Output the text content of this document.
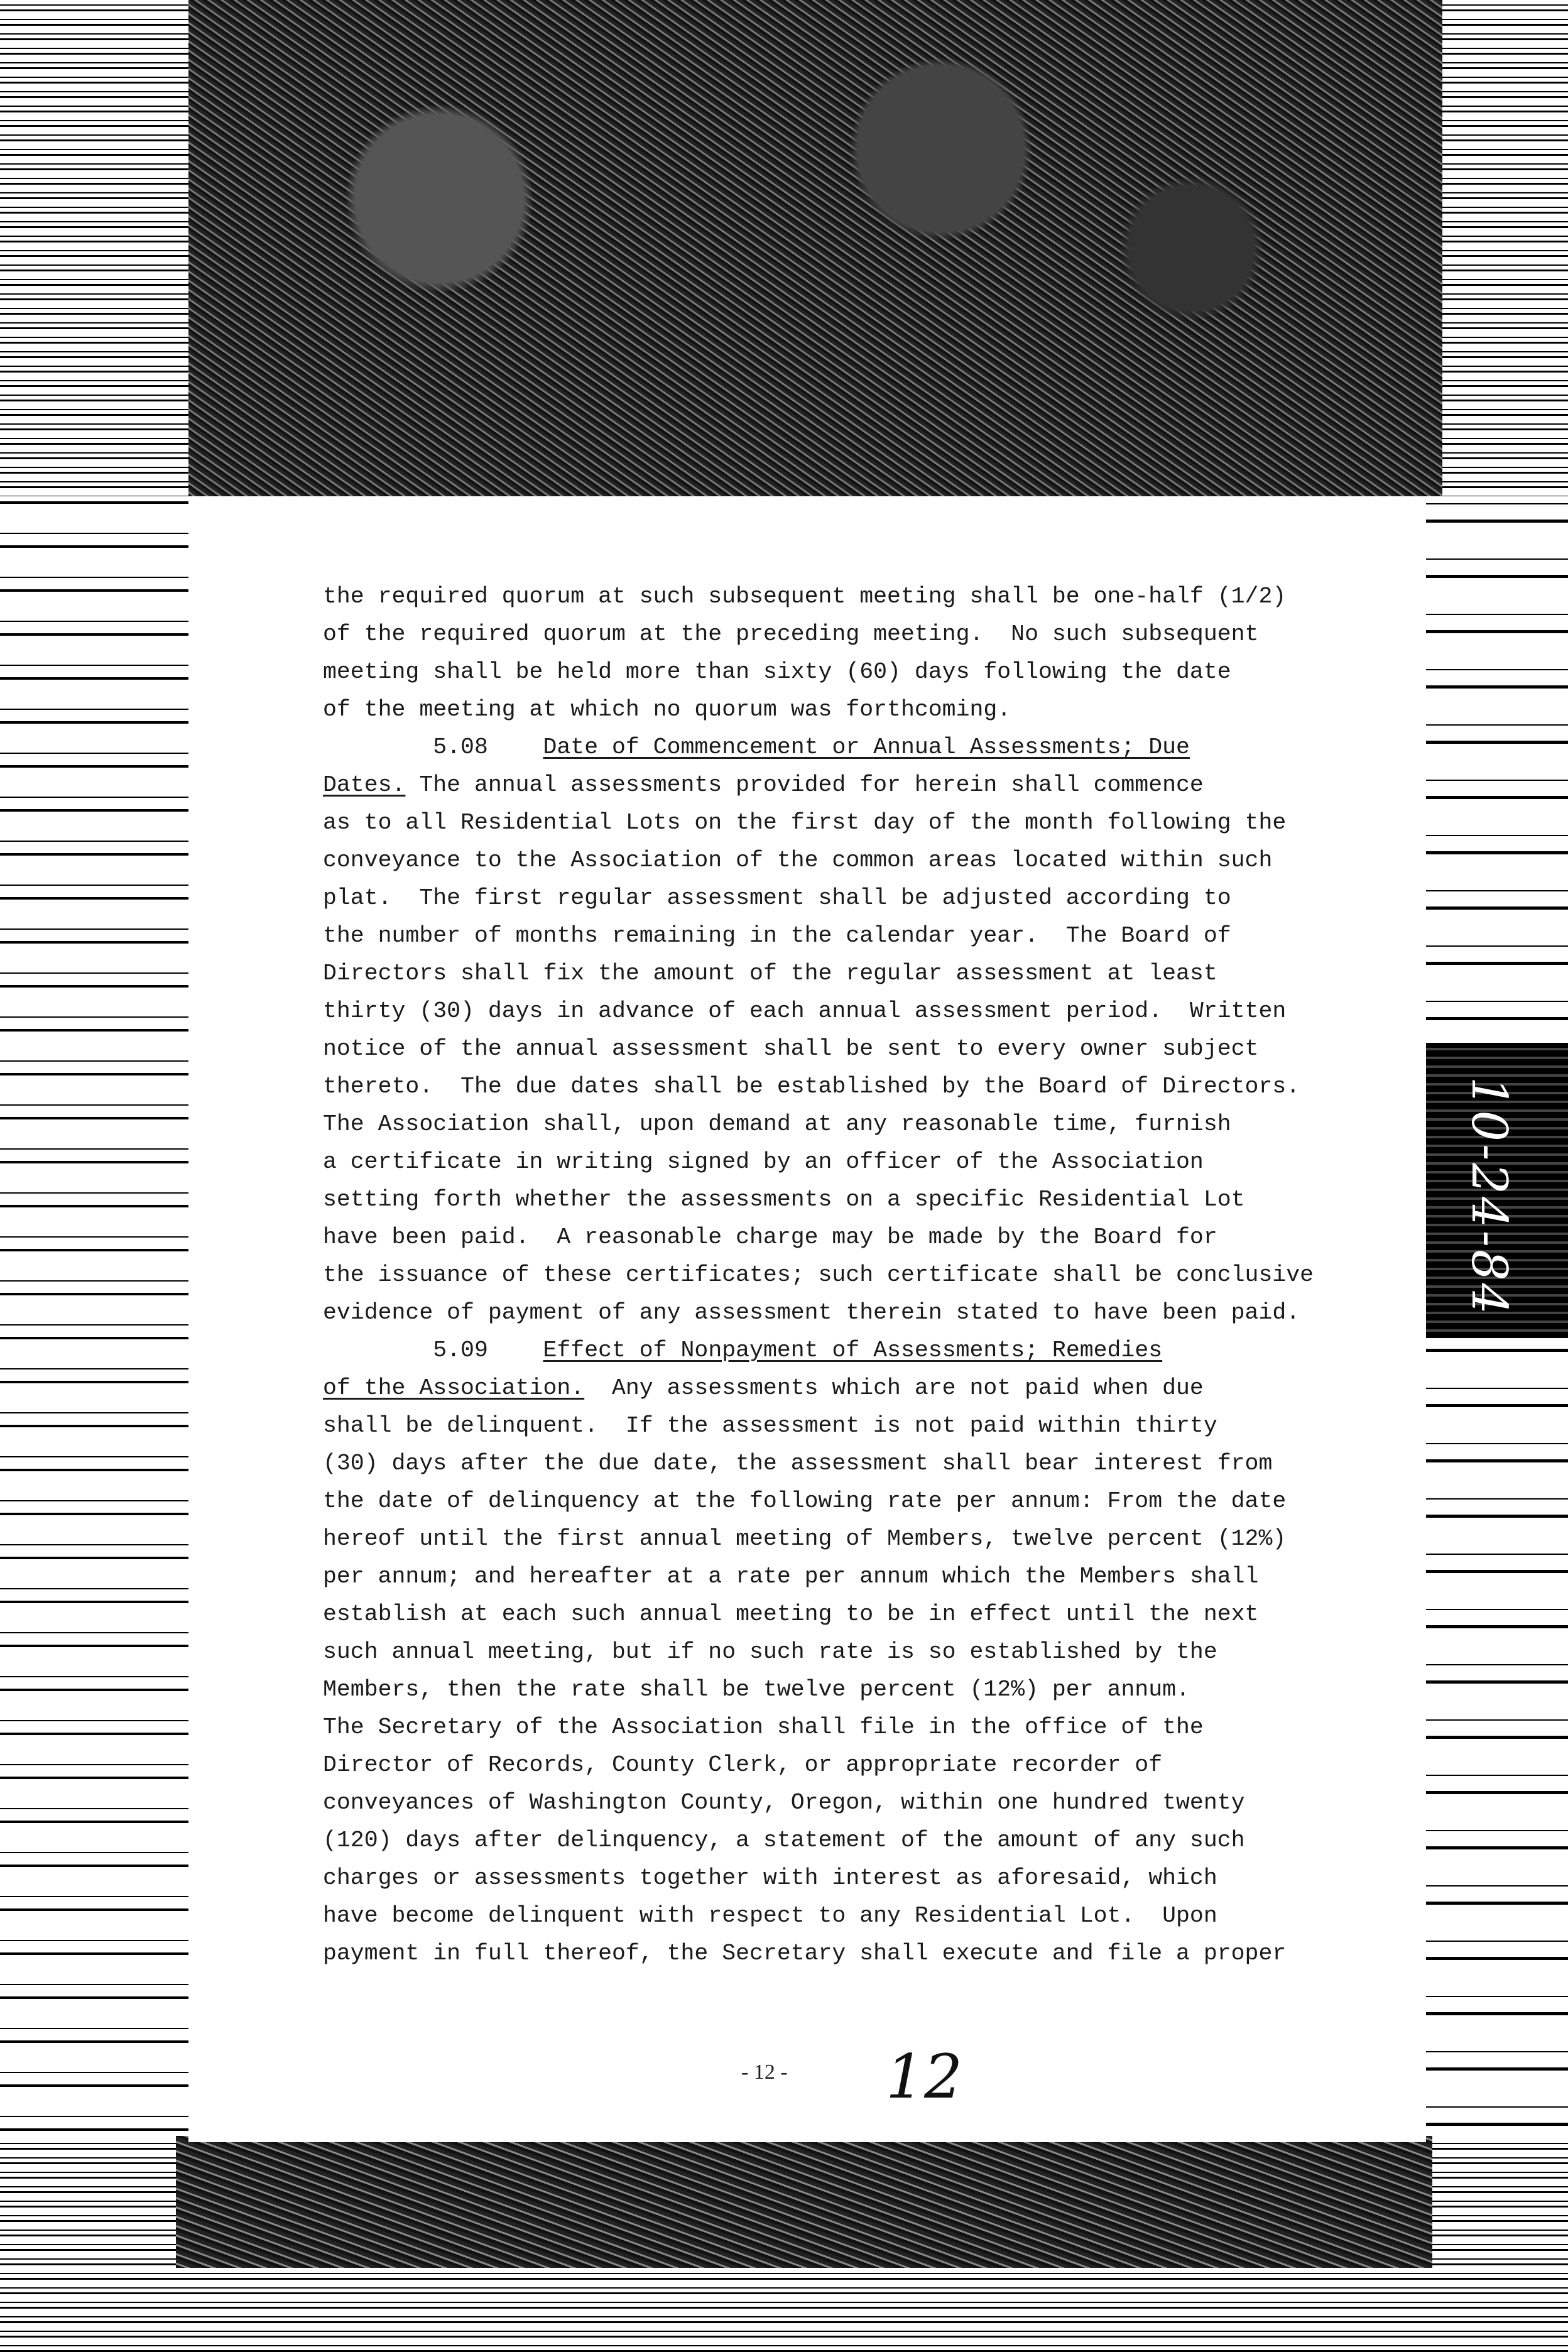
10-24-84
the required quorum at such subsequent meeting shall be one-half (1/2)
of the required quorum at the preceding meeting.  No such subsequent
meeting shall be held more than sixty (60) days following the date
of the meeting at which no quorum was forthcoming.
5.08 Date of Commencement or Annual Assessments; Due
Dates. The annual assessments provided for herein shall commence
as to all Residential Lots on the first day of the month following the
conveyance to the Association of the common areas located within such
plat.  The first regular assessment shall be adjusted according to
the number of months remaining in the calendar year.  The Board of
Directors shall fix the amount of the regular assessment at least
thirty (30) days in advance of each annual assessment period.  Written
notice of the annual assessment shall be sent to every owner subject
thereto.  The due dates shall be established by the Board of Directors.
The Association shall, upon demand at any reasonable time, furnish
a certificate in writing signed by an officer of the Association
setting forth whether the assessments on a specific Residential Lot
have been paid.  A reasonable charge may be made by the Board for
the issuance of these certificates; such certificate shall be conclusive
evidence of payment of any assessment therein stated to have been paid.
5.09 Effect of Nonpayment of Assessments; Remedies
of the Association.  Any assessments which are not paid when due
shall be delinquent.  If the assessment is not paid within thirty
(30) days after the due date, the assessment shall bear interest from
the date of delinquency at the following rate per annum: From the date
hereof until the first annual meeting of Members, twelve percent (12%)
per annum; and hereafter at a rate per annum which the Members shall
establish at each such annual meeting to be in effect until the next
such annual meeting, but if no such rate is so established by the
Members, then the rate shall be twelve percent (12%) per annum.
The Secretary of the Association shall file in the office of the
Director of Records, County Clerk, or appropriate recorder of
conveyances of Washington County, Oregon, within one hundred twenty
(120) days after delinquency, a statement of the amount of any such
charges or assessments together with interest as aforesaid, which
have become delinquent with respect to any Residential Lot.  Upon
payment in full thereof, the Secretary shall execute and file a proper
- 12 - 12
